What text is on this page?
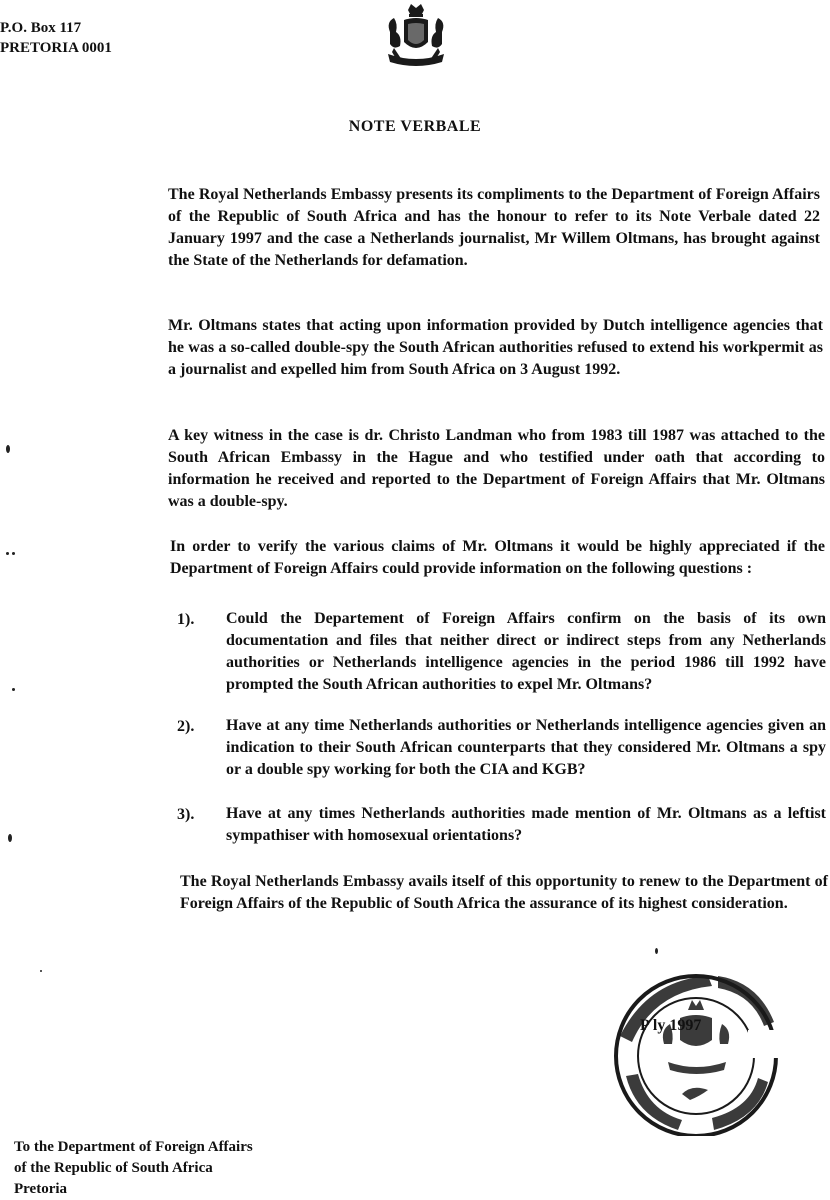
P.O. Box 117
PRETORIA 0001
NOTE VERBALE
The Royal Netherlands Embassy presents its compliments to the Department of Foreign Affairs of the Republic of South Africa and has the honour to refer to its Note Verbale dated 22 January 1997 and the case a Netherlands journalist, Mr Willem Oltmans, has brought against the State of the Netherlands for defamation.
Mr. Oltmans states that acting upon information provided by Dutch intelligence agencies that he was a so-called double-spy the South African authorities refused to extend his workpermit as a journalist and expelled him from South Africa on 3 August 1992.
A key witness in the case is dr. Christo Landman who from 1983 till 1987 was attached to the South African Embassy in the Hague and who testified under oath that according to information he received and reported to the Department of Foreign Affairs that Mr. Oltmans was a double-spy.
In order to verify the various claims of Mr. Oltmans it would be highly appreciated if the Department of Foreign Affairs could provide information on the following questions :
1). Could the Departement of Foreign Affairs confirm on the basis of its own documentation and files that neither direct or indirect steps from any Netherlands authorities or Netherlands intelligence agencies in the period 1986 till 1992 have prompted the South African authorities to expel Mr. Oltmans?
2). Have at any time Netherlands authorities or Netherlands intelligence agencies given an indication to their South African counterparts that they considered Mr. Oltmans a spy or a double spy working for both the CIA and KGB?
3). Have at any times Netherlands authorities made mention of Mr. Oltmans as a leftist sympathiser with homosexual orientations?
The Royal Netherlands Embassy avails itself of this opportunity to renew to the Department of Foreign Affairs of the Republic of South Africa the assurance of its highest consideration.
P ly 1997
To the Department of Foreign Affairs
of the Republic of South Africa
Pretoria
